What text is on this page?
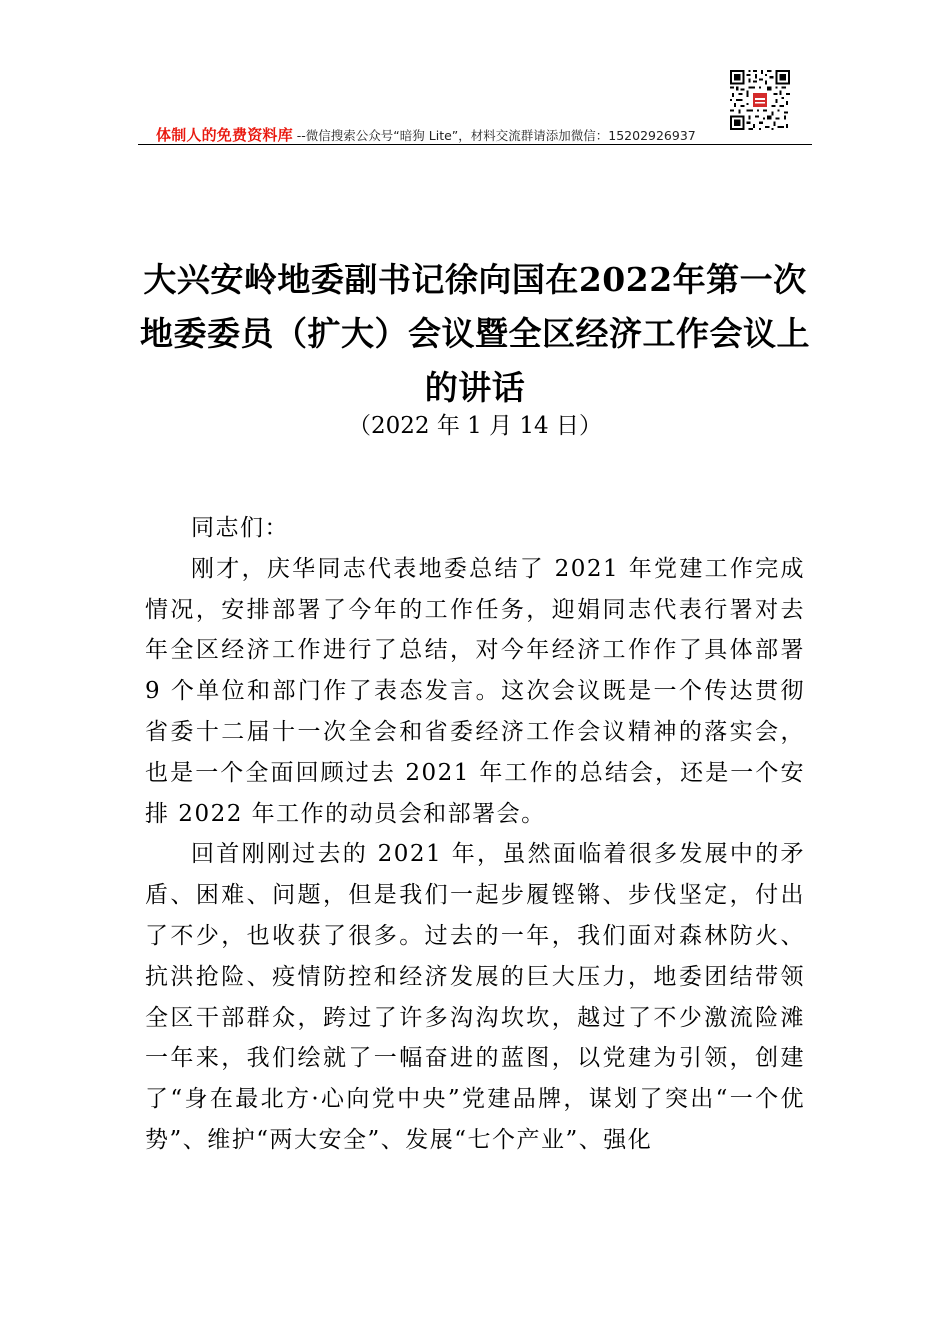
体制人的免费资料库 --微信搜索公众号“暗狗 Lite”，材料交流群请添加微信：15202926937
大兴安岭地委副书记徐向国在2022年第一次地委委员（扩大）会议暨全区经济工作会议上的讲话
（2022 年 1 月 14 日）

同志们：

刚才，庆华同志代表地委总结了 2021 年党建工作完成情况，安排部署了今年的工作任务，迎娟同志代表行署对去年全区经济工作进行了总结，对今年经济工作作了具体部署 9 个单位和部门作了表态发言。这次会议既是一个传达贯彻省委十二届十一次全会和省委经济工作会议精神的落实会，也是一个全面回顾过去 2021 年工作的总结会，还是一个安排 2022 年工作的动员会和部署会。

回首刚刚过去的 2021 年，虽然面临着很多发展中的矛盾、困难、问题，但是我们一起步履铿锵、步伐坚定，付出了不少，也收获了很多。过去的一年，我们面对森林防火、抗洪抢险、疫情防控和经济发展的巨大压力，地委团结带领全区干部群众，跨过了许多沟沟坎坎，越过了不少激流险滩一年来，我们绘就了一幅奋进的蓝图，以党建为引领，创建了“身在最北方·心向党中央”党建品牌，谋划了突出“一个优势”、维护“两大安全”、发展“七个产业”、强化
